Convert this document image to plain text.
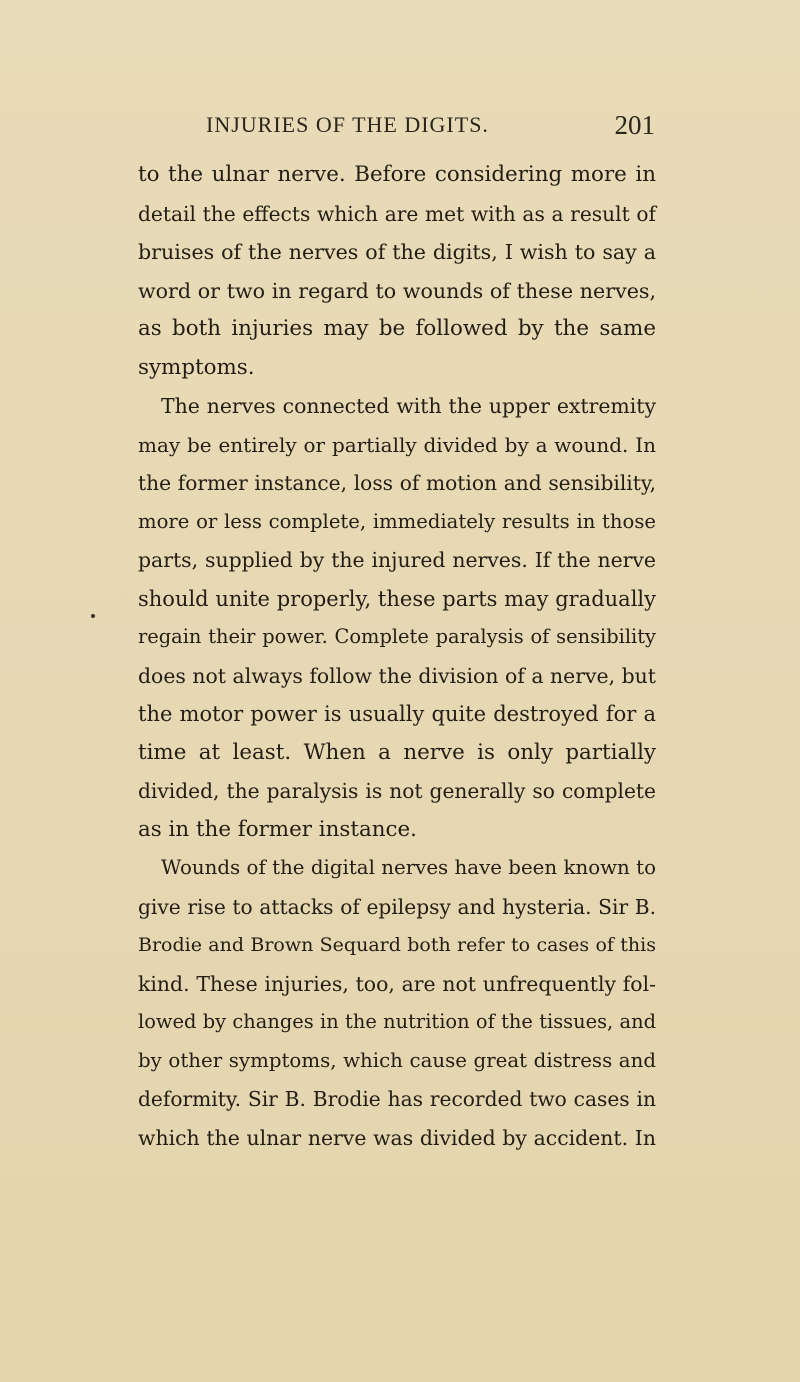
INJURIES OF THE DIGITS.	201
to the ulnar nerve. Before considering more in
detail the effects which are met with as a result of
bruises of the nerves of the digits, I wish to say a
word or two in regard to wounds of these nerves,
as both injuries may be followed by the same
symptoms.
The nerves connected with the upper extremity
may be entirely or partially divided by a wound. In
the former instance, loss of motion and sensibility,
more or less complete, immediately results in those
parts, supplied by the injured nerves. If the nerve
should unite properly, these parts may gradually
regain their power. Complete paralysis of sensibility
does not always follow the division of a nerve, but
the motor power is usually quite destroyed for a
time at least. When a nerve is only partially
divided, the paralysis is not generally so complete
as in the former instance.
Wounds of the digital nerves have been known to
give rise to attacks of epilepsy and hysteria. Sir B.
Brodie and Brown Sequard both refer to cases of this
kind. These injuries, too, are not unfrequently fol-
lowed by changes in the nutrition of the tissues, and
by other symptoms, which cause great distress and
deformity. Sir B. Brodie has recorded two cases in
which the ulnar nerve was divided by accident. In
